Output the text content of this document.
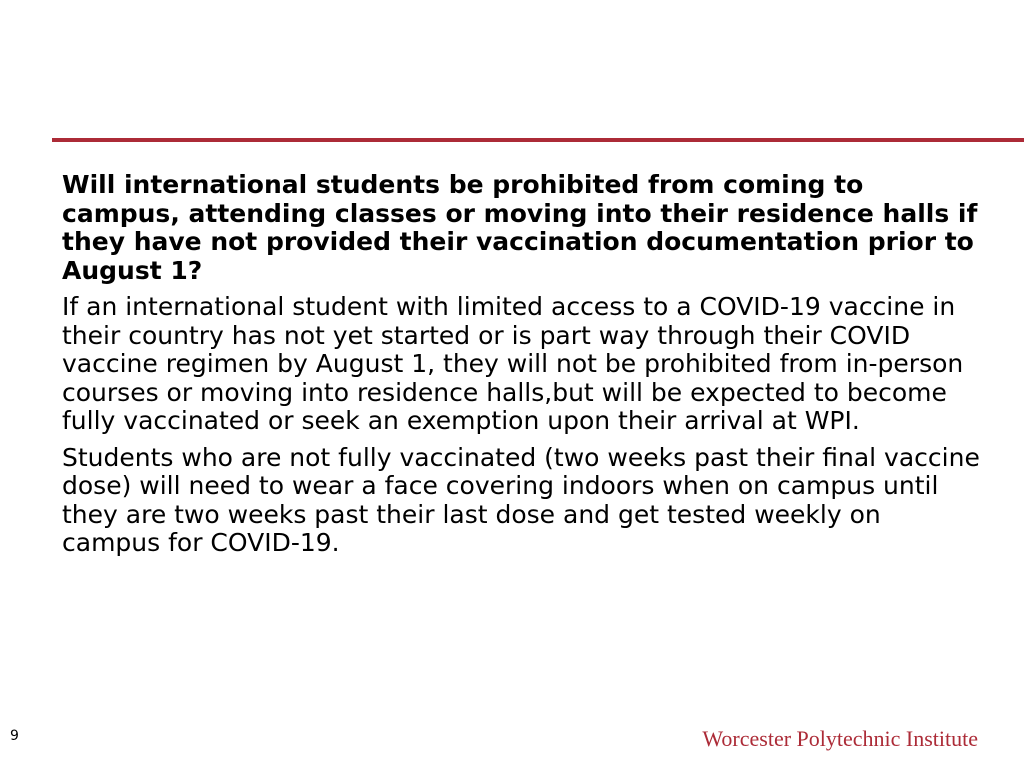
Will international students be prohibited from coming to campus, attending classes or moving into their residence halls if they have not provided their vaccination documentation prior to August 1?

If an international student with limited access to a COVID-19 vaccine in their country has not yet started or is part way through their COVID vaccine regimen by August 1, they will not be prohibited from in-person courses or moving into residence halls,but will be expected to become fully vaccinated or seek an exemption upon their arrival at WPI.

Students who are not fully vaccinated (two weeks past their final vaccine dose) will need to wear a face covering indoors when on campus until they are two weeks past their last dose and get tested weekly on campus for COVID-19.

9	Worcester Polytechnic Institute
